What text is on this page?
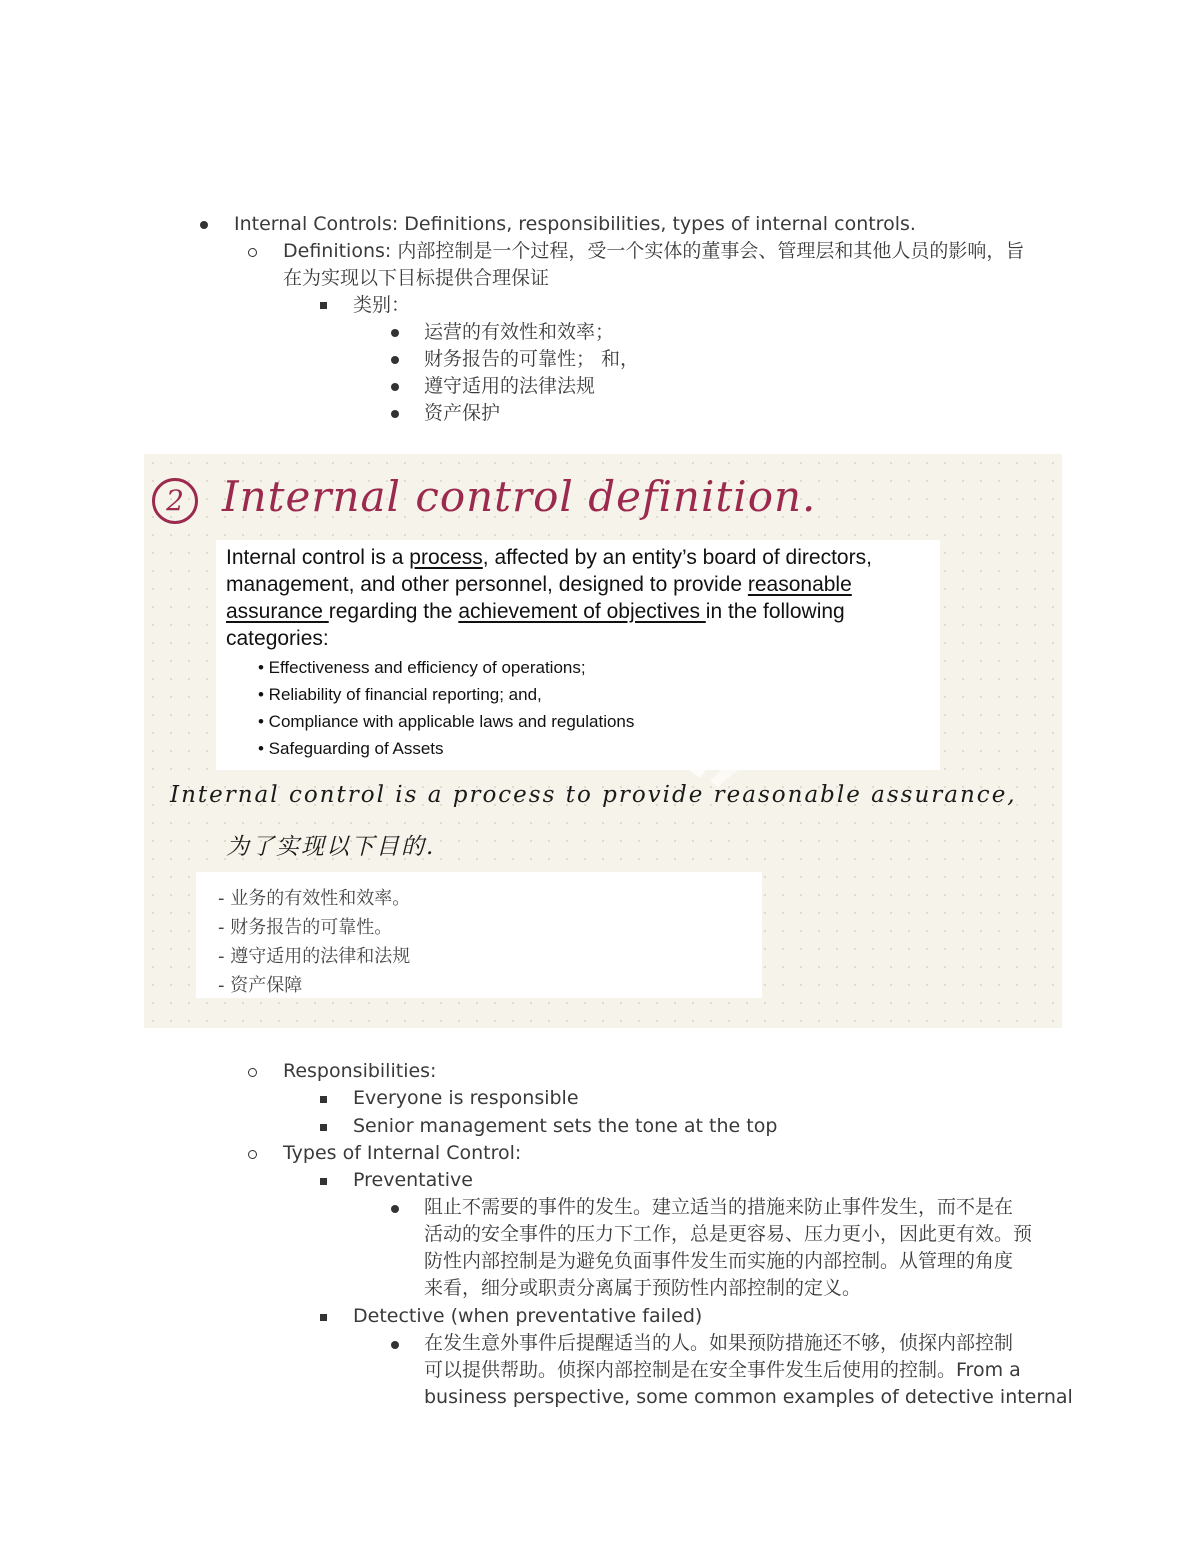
Internal Controls: Definitions, responsibilities, types of internal controls.
Definitions: 内部控制是一个过程，受一个实体的董事会、管理层和其他人员的影响，旨
在为实现以下目标提供合理保证
类别：
运营的有效性和效率；
财务报告的可靠性； 和，
遵守适用的法律法规
资产保护
2 Internal control definition.
Internal control is a process, affected by an entity’s board of directors,
management, and other personnel, designed to provide reasonable
assurance regarding the achievement of objectives in the following
categories:
• Effectiveness and efficiency of operations;
• Reliability of financial reporting; and,
• Compliance with applicable laws and regulations
• Safeguarding of Assets
Internal control is a process to provide reasonable assurance,
为了实现以下目的.
- 业务的有效性和效率。
- 财务报告的可靠性。
- 遵守适用的法律和法规
- 资产保障
Responsibilities:
Everyone is responsible
Senior management sets the tone at the top
Types of Internal Control:
Preventative
阻止不需要的事件的发生。建立适当的措施来防止事件发生，而不是在
活动的安全事件的压力下工作，总是更容易、压力更小，因此更有效。预
防性内部控制是为避免负面事件发生而实施的内部控制。从管理的角度
来看，细分或职责分离属于预防性内部控制的定义。
Detective (when preventative failed)
在发生意外事件后提醒适当的人。如果预防措施还不够，侦探内部控制
可以提供帮助。侦探内部控制是在安全事件发生后使用的控制。From a
business perspective, some common examples of detective internal
